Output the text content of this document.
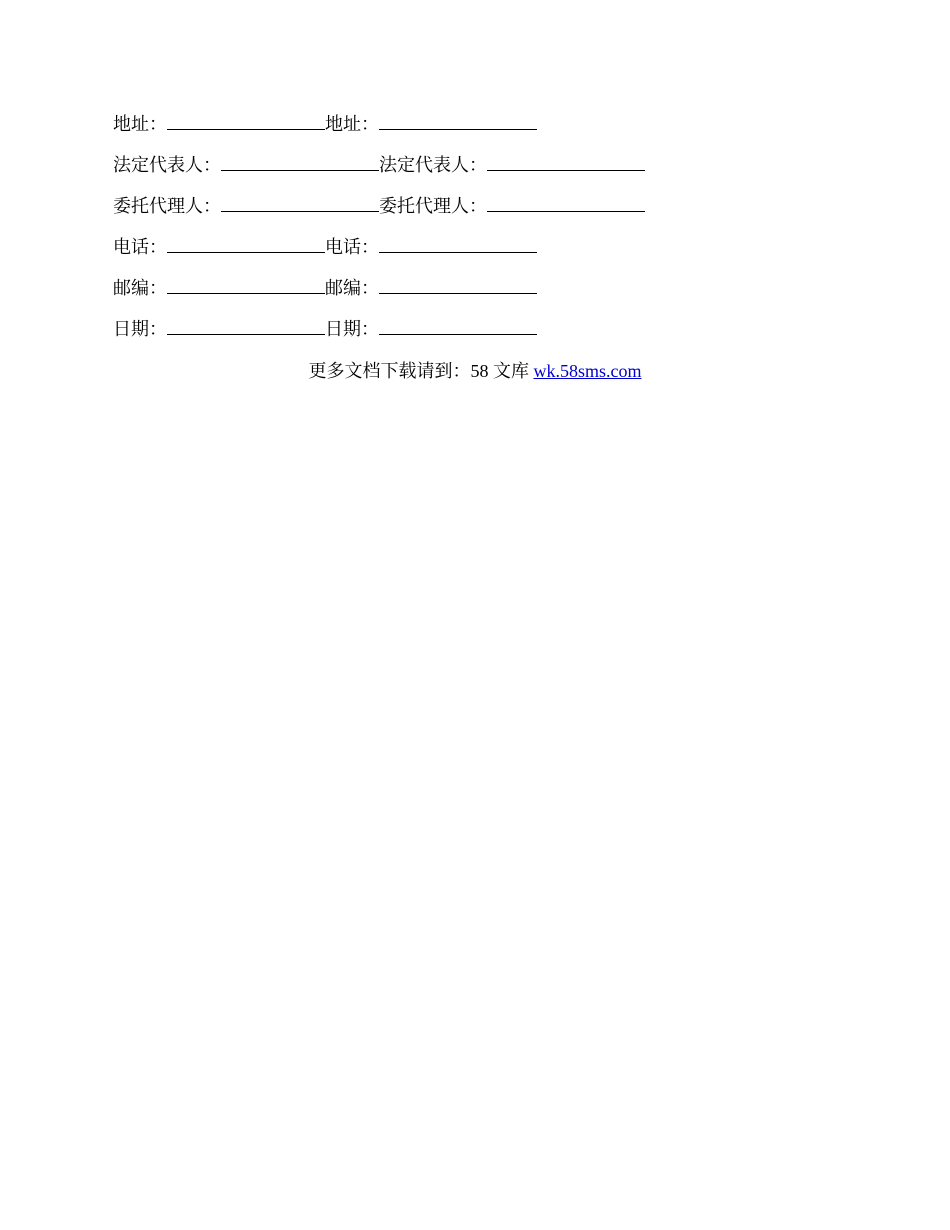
地址：	地址：
法定代表人：	法定代表人：
委托代理人：	委托代理人：
电话：	电话：
邮编：	邮编：
日期：	日期：
更多文档下载请到：58 文库 wk.58sms.com
